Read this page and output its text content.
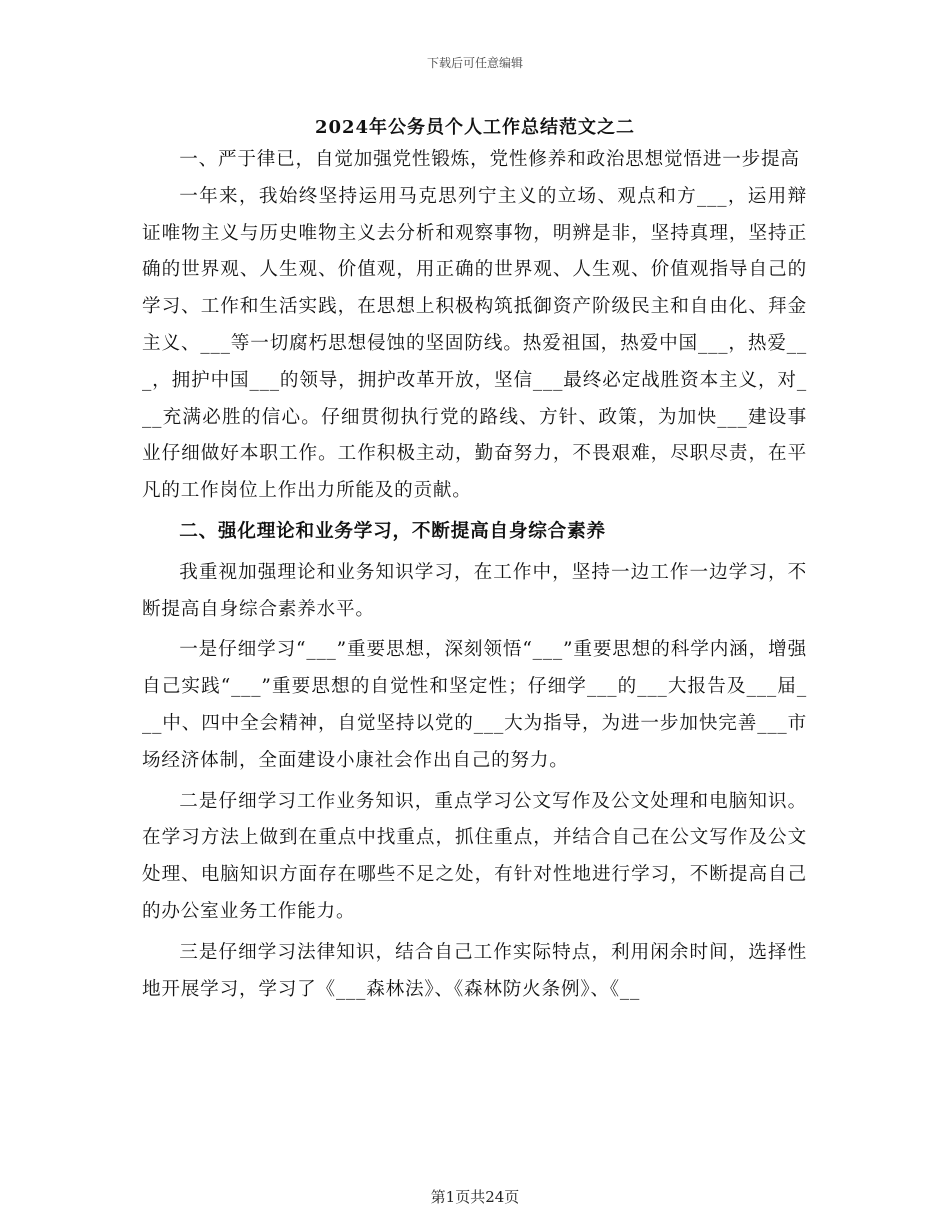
下载后可任意编辑
2024年公务员个人工作总结范文之二

一、严于律已，自觉加强党性锻炼，党性修养和政治思想觉悟进一步提高

一年来，我始终坚持运用马克思列宁主义的立场、观点和方___，运用辩证唯物主义与历史唯物主义去分析和观察事物，明辨是非，坚持真理，坚持正确的世界观、人生观、价值观，用正确的世界观、人生观、价值观指导自己的学习、工作和生活实践，在思想上积极构筑抵御资产阶级民主和自由化、拜金主义、___等一切腐朽思想侵蚀的坚固防线。热爱祖国，热爱中国___，热爱___，拥护中国___的领导，拥护改革开放，坚信___最终必定战胜资本主义，对___充满必胜的信心。仔细贯彻执行党的路线、方针、政策，为加快___建设事业仔细做好本职工作。工作积极主动，勤奋努力，不畏艰难，尽职尽责，在平凡的工作岗位上作出力所能及的贡献。

二、强化理论和业务学习，不断提高自身综合素养

我重视加强理论和业务知识学习，在工作中，坚持一边工作一边学习，不断提高自身综合素养水平。

一是仔细学习“___”重要思想，深刻领悟“___”重要思想的科学内涵，增强自己实践“___”重要思想的自觉性和坚定性；仔细学___的___大报告及___届___中、四中全会精神，自觉坚持以党的___大为指导，为进一步加快完善___市场经济体制，全面建设小康社会作出自己的努力。

二是仔细学习工作业务知识，重点学习公文写作及公文处理和电脑知识。在学习方法上做到在重点中找重点，抓住重点，并结合自己在公文写作及公文处理、电脑知识方面存在哪些不足之处，有针对性地进行学习，不断提高自己的办公室业务工作能力。

三是仔细学习法律知识，结合自己工作实际特点，利用闲余时间，选择性地开展学习，学习了《___森林法》、《森林防火条例》、《__

第1页共24页
